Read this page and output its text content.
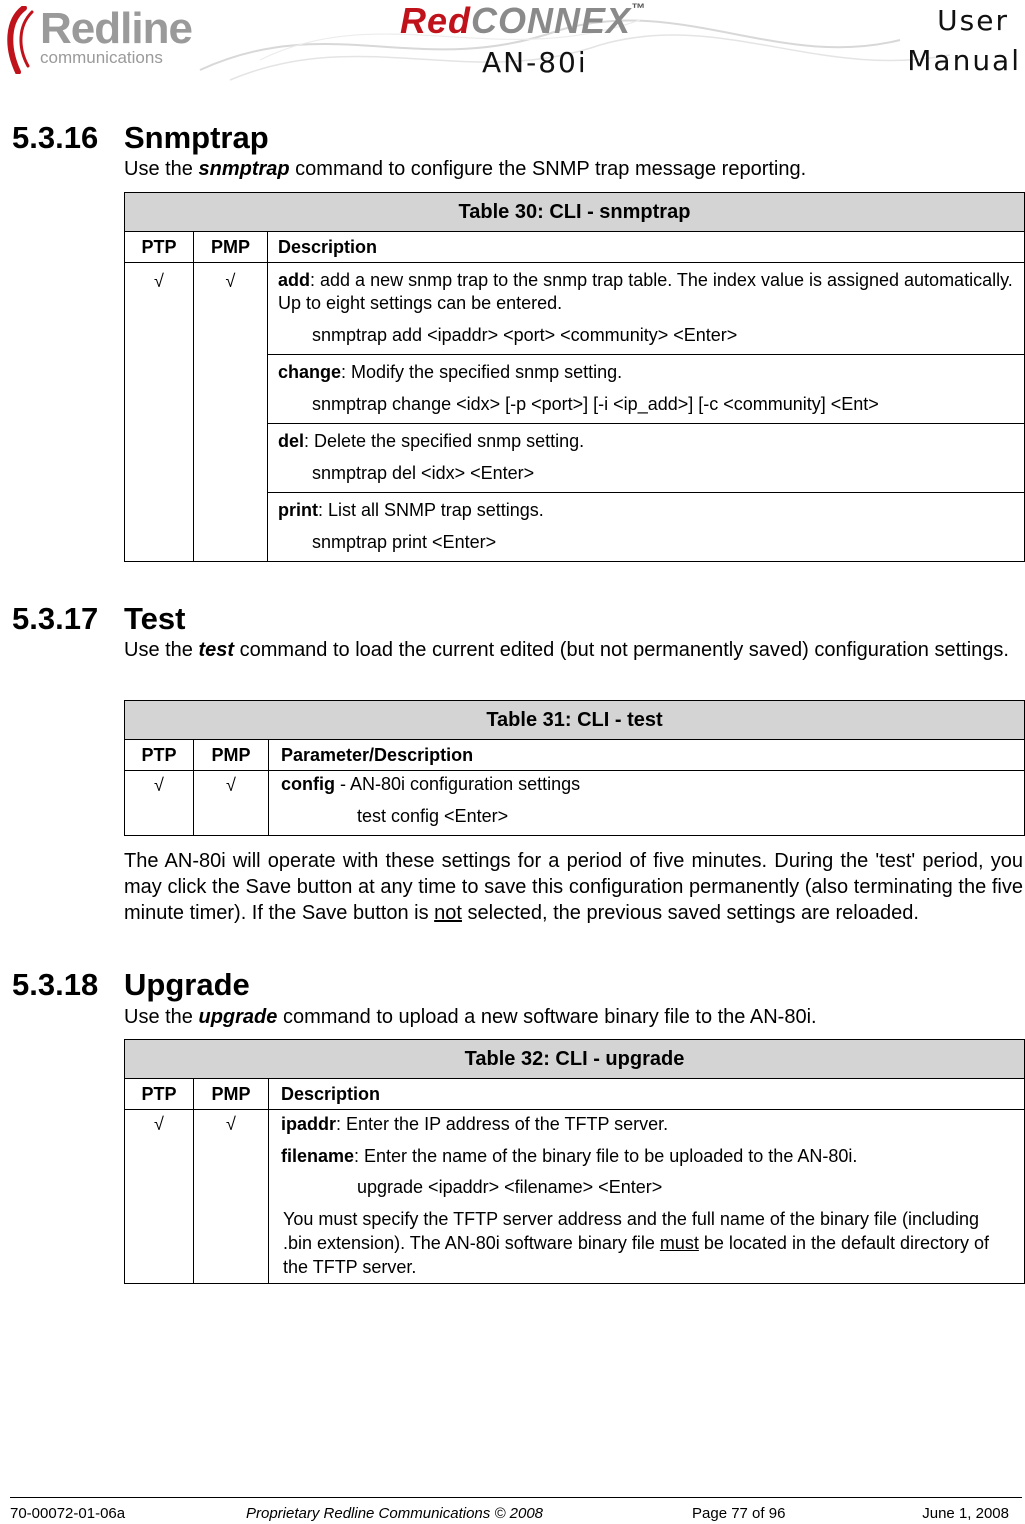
Redline
communications
RedCONNEX™
AN-80i
User
Manual
5.3.16 Snmptrap
Use the snmptrap command to configure the SNMP trap message reporting.
Table 30: CLI - snmptrap		
PTP	PMP	Description
√	√	add: add a new snmp trap to the snmp trap table. The index value is assigned automatically. Up to eight settings can be entered.
snmptrap add <ipaddr> <port> <community> <Enter>

		change: Modify the specified snmp setting.
snmptrap change <idx> [-p <port>] [-i <ip_add>] [-c <community] <Ent>

		del: Delete the specified snmp setting.
snmptrap del <idx> <Enter>

		print: List all SNMP trap settings.
snmptrap print <Enter>
5.3.17 Test
Use the test command to load the current edited (but not permanently saved) configuration settings.
Table 31: CLI - test		
PTP	PMP	Parameter/Description
√	√	config - AN-80i configuration settings
test config <Enter>
The AN-80i will operate with these settings for a period of five minutes. During the 'test' period, you may click the Save button at any time to save this configuration permanently (also terminating the five minute timer). If the Save button is not selected, the previous saved settings are reloaded.
5.3.18 Upgrade
Use the upgrade command to upload a new software binary file to the AN-80i.
Table 32: CLI - upgrade		
PTP	PMP	Description
√	√	ipaddr: Enter the IP address of the TFTP server.
filename: Enter the name of the binary file to be uploaded to the AN-80i.
upgrade <ipaddr> <filename> <Enter>
You must specify the TFTP server address and the full name of the binary file (including .bin extension). The AN-80i software binary file must be located in the default directory of the TFTP server.
70-00072-01-06a	Proprietary Redline Communications © 2008	Page 77 of 96	June 1, 2008
